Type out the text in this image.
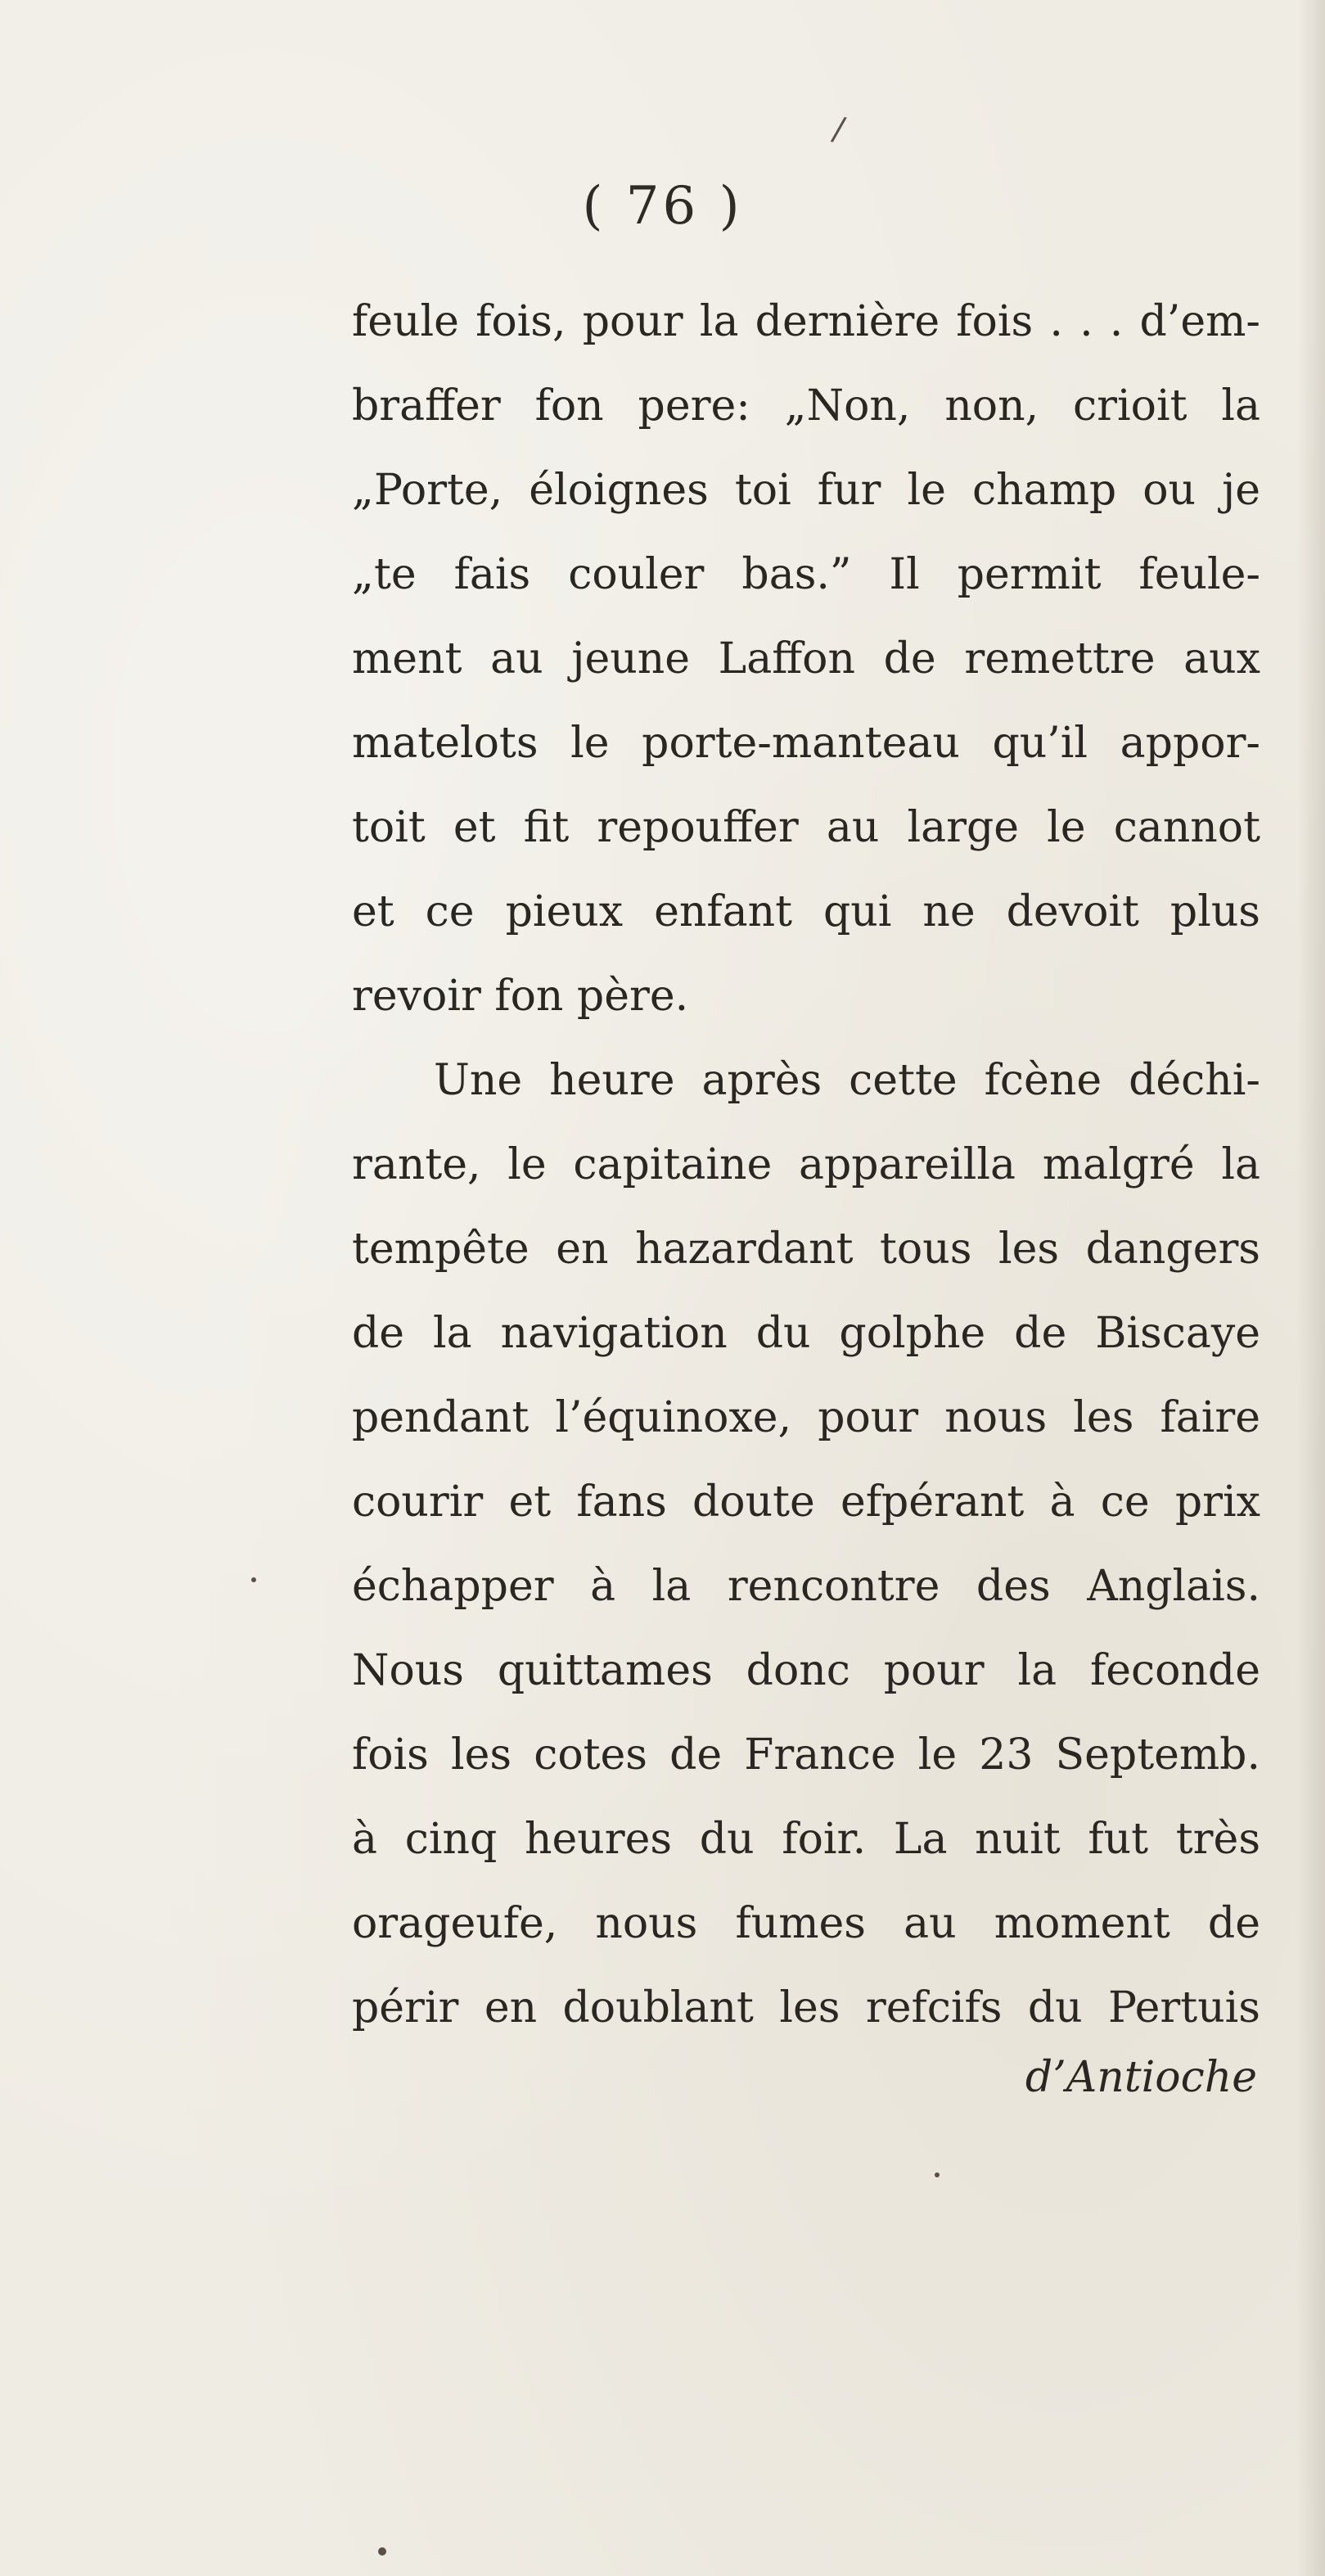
/
( 76 )
feule fois, pour la dernière fois . . . d’em-
braffer fon pere: „Non, non, crioit la
„Porte, éloignes toi fur le champ ou je
„te fais couler bas.” Il permit feule-
ment au jeune Laffon de remettre aux
matelots le porte-manteau qu’il appor-
toit et fit repouffer au large le cannot
et ce pieux enfant qui ne devoit plus
revoir fon père.
Une heure après cette fcène déchi-
rante, le capitaine appareilla malgré la
tempête en hazardant tous les dangers
de la navigation du golphe de Biscaye
pendant l’équinoxe, pour nous les faire
courir et fans doute efpérant à ce prix
échapper à la rencontre des Anglais.
Nous quittames donc pour la feconde
fois les cotes de France le 23 Septemb.
à cinq heures du foir. La nuit fut très
orageufe, nous fumes au moment de
périr en doublant les refcifs du Pertuis
d’Antioche
